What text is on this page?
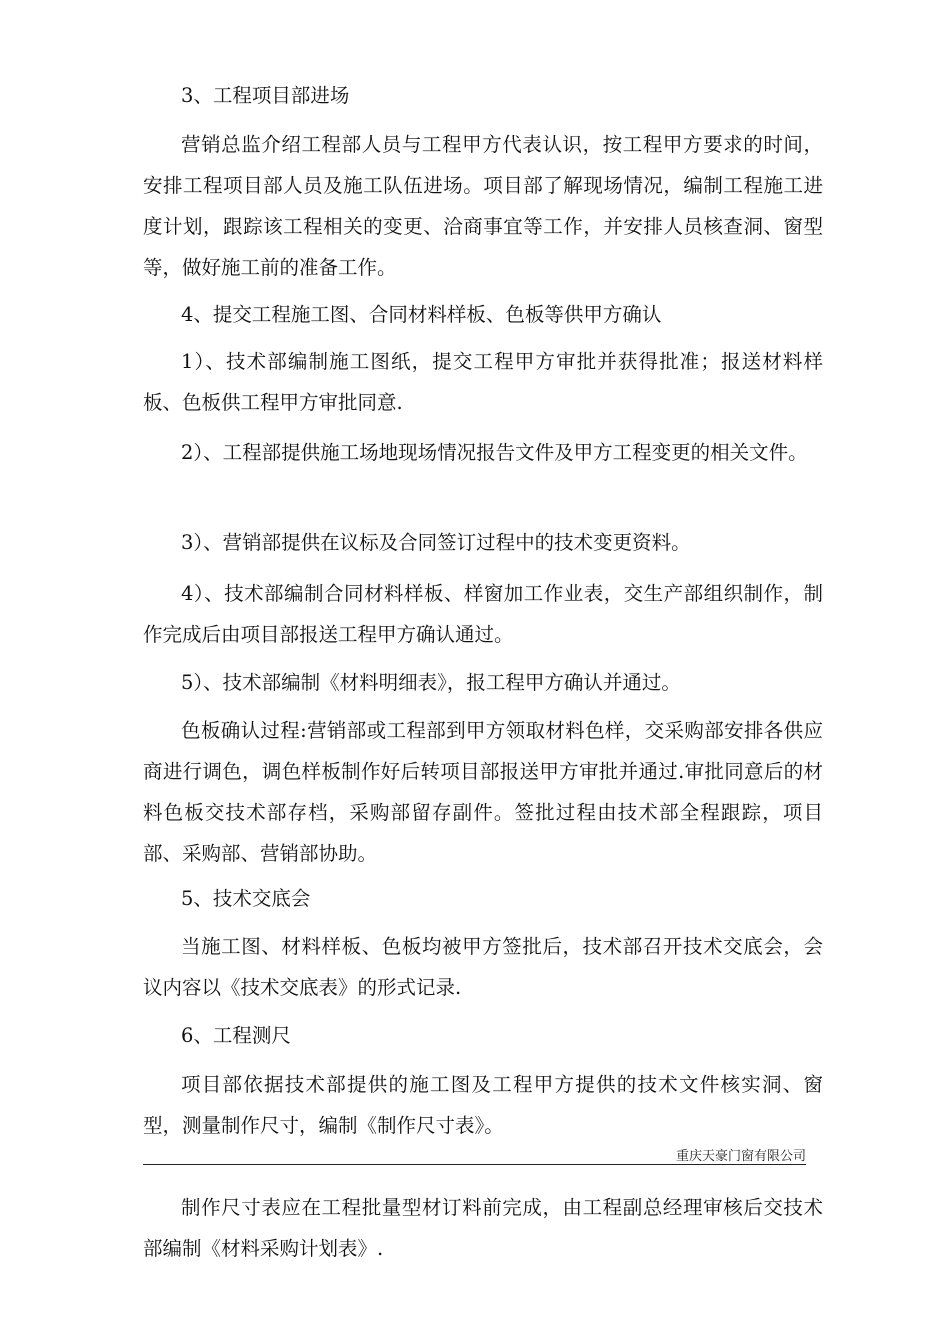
3、工程项目部进场

营销总监介绍工程部人员与工程甲方代表认识，按工程甲方要求的时间，安排工程项目部人员及施工队伍进场。项目部了解现场情况，编制工程施工进度计划，跟踪该工程相关的变更、洽商事宜等工作，并安排人员核查洞、窗型等，做好施工前的准备工作。

4、提交工程施工图、合同材料样板、色板等供甲方确认

1）、技术部编制施工图纸，提交工程甲方审批并获得批准；报送材料样板、色板供工程甲方审批同意.

2）、工程部提供施工场地现场情况报告文件及甲方工程变更的相关文件。

3）、营销部提供在议标及合同签订过程中的技术变更资料。

4）、技术部编制合同材料样板、样窗加工作业表，交生产部组织制作，制作完成后由项目部报送工程甲方确认通过。

5）、技术部编制《材料明细表》，报工程甲方确认并通过。

色板确认过程:营销部或工程部到甲方领取材料色样，交采购部安排各供应商进行调色，调色样板制作好后转项目部报送甲方审批并通过.审批同意后的材料色板交技术部存档，采购部留存副件。签批过程由技术部全程跟踪，项目部、采购部、营销部协助。

5、技术交底会

当施工图、材料样板、色板均被甲方签批后，技术部召开技术交底会，会议内容以《技术交底表》的形式记录.

6、工程测尺

项目部依据技术部提供的施工图及工程甲方提供的技术文件核实洞、窗型，测量制作尺寸，编制《制作尺寸表》。

重庆天豪门窗有限公司

制作尺寸表应在工程批量型材订料前完成，由工程副总经理审核后交技术部编制《材料采购计划表》.
